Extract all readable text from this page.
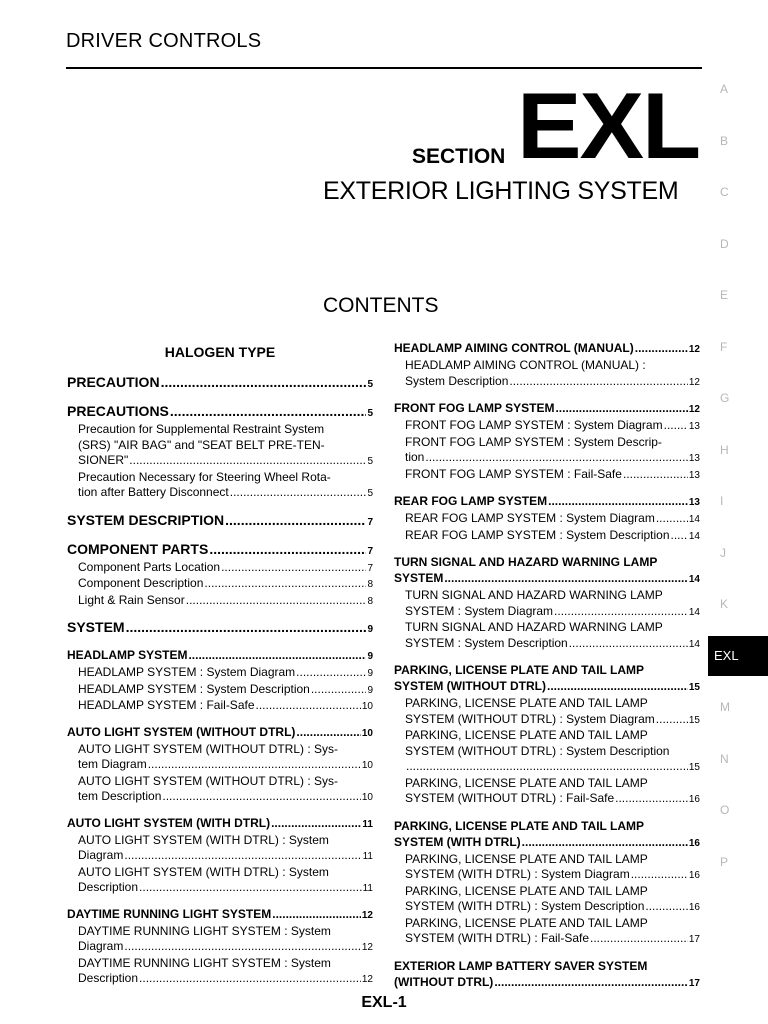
DRIVER CONTROLS
SECTION EXL
EXTERIOR LIGHTING SYSTEM
CONTENTS
HALOGEN TYPE
PRECAUTION .....	5
PRECAUTIONS .....	5
Precaution for Supplemental Restraint System
(SRS) "AIR BAG" and "SEAT BELT PRE-TEN-
SIONER" .....	5
Precaution Necessary for Steering Wheel Rota-
tion after Battery Disconnect .....	5
SYSTEM DESCRIPTION .....	7
COMPONENT PARTS .....	7
Component Parts Location .....	7
Component Description .....	8
Light & Rain Sensor .....	8
SYSTEM .....	9
HEADLAMP SYSTEM .....	9
HEADLAMP SYSTEM : System Diagram .....	9
HEADLAMP SYSTEM : System Description .....	9
HEADLAMP SYSTEM : Fail-Safe .....	10
AUTO LIGHT SYSTEM (WITHOUT DTRL) .....	10
AUTO LIGHT SYSTEM (WITHOUT DTRL) : Sys-
tem Diagram .....	10
AUTO LIGHT SYSTEM (WITHOUT DTRL) : Sys-
tem Description .....	10
AUTO LIGHT SYSTEM (WITH DTRL) .....	11
AUTO LIGHT SYSTEM (WITH DTRL) : System
Diagram .....	11
AUTO LIGHT SYSTEM (WITH DTRL) : System
Description .....	11
DAYTIME RUNNING LIGHT SYSTEM .....	12
DAYTIME RUNNING LIGHT SYSTEM : System
Diagram .....	12
DAYTIME RUNNING LIGHT SYSTEM : System
Description .....	12
HEADLAMP AIMING CONTROL (MANUAL) .....	12
HEADLAMP AIMING CONTROL (MANUAL) :
System Description .....	12
FRONT FOG LAMP SYSTEM .....	12
FRONT FOG LAMP SYSTEM : System Diagram .....	13
FRONT FOG LAMP SYSTEM : System Descrip-
tion .....	13
FRONT FOG LAMP SYSTEM : Fail-Safe .....	13
REAR FOG LAMP SYSTEM .....	13
REAR FOG LAMP SYSTEM : System Diagram .....	14
REAR FOG LAMP SYSTEM : System Description ..... 14
TURN SIGNAL AND HAZARD WARNING LAMP
SYSTEM .....	14
TURN SIGNAL AND HAZARD WARNING LAMP
SYSTEM : System Diagram .....	14
TURN SIGNAL AND HAZARD WARNING LAMP
SYSTEM : System Description .....	14
PARKING, LICENSE PLATE AND TAIL LAMP
SYSTEM (WITHOUT DTRL) .....	15
PARKING, LICENSE PLATE AND TAIL LAMP
SYSTEM (WITHOUT DTRL) : System Diagram .....	15
PARKING, LICENSE PLATE AND TAIL LAMP
SYSTEM (WITHOUT DTRL) : System Description
.....
15
PARKING, LICENSE PLATE AND TAIL LAMP
SYSTEM (WITHOUT DTRL) : Fail-Safe .....	16
PARKING, LICENSE PLATE AND TAIL LAMP
SYSTEM (WITH DTRL) .....	16
PARKING, LICENSE PLATE AND TAIL LAMP
SYSTEM (WITH DTRL) : System Diagram .....	16
PARKING, LICENSE PLATE AND TAIL LAMP
SYSTEM (WITH DTRL) : System Description .....	16
PARKING, LICENSE PLATE AND TAIL LAMP
SYSTEM (WITH DTRL) : Fail-Safe .....	17
EXTERIOR LAMP BATTERY SAVER SYSTEM
(WITHOUT DTRL) .....	17
A
B
C
D
E
F
G
H
I
J
K
EXL
M
N
O
P
EXL-1
